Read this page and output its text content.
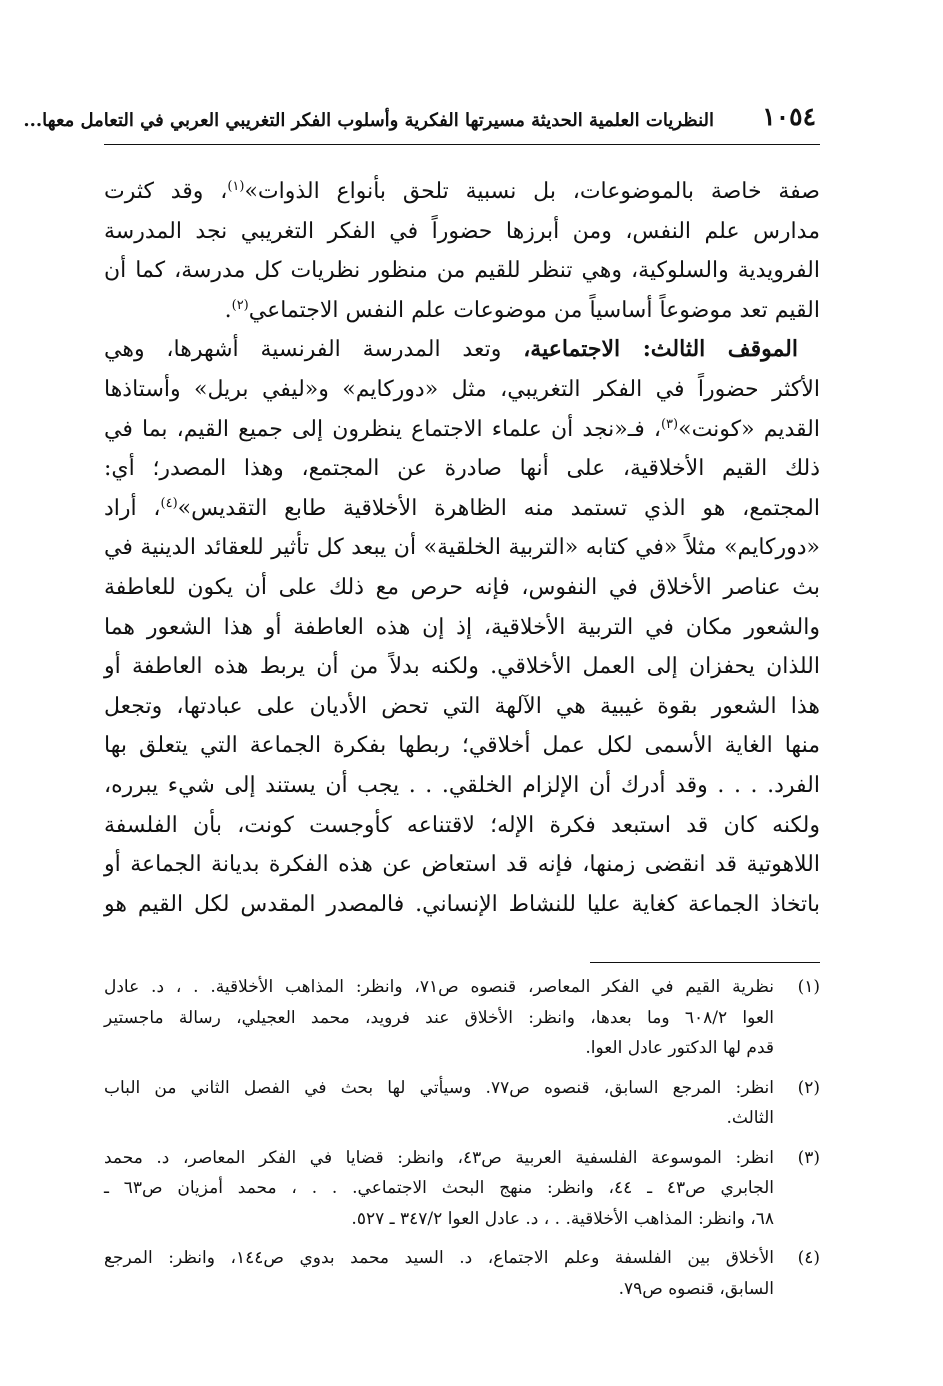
١٠٥٤
النظريات العلمية الحديثة مسيرتها الفكرية وأسلوب الفكر التغريبي العربي في التعامل معها...
صفة خاصة بالموضوعات، بل نسبية تلحق بأنواع الذوات»$^{(١)}$، وقد كثرت
مدارس علم النفس، ومن أبرزها حضوراً في الفكر التغريبي نجد المدرسة
الفرويدية والسلوكية، وهي تنظر للقيم من منظور نظريات كل مدرسة، كما أن
القيم تعد موضوعاً أساسياً من موضوعات علم النفس الاجتماعي$^{(٢)}$.
 الموقف الثالث: الاجتماعية، وتعد المدرسة الفرنسية أشهرها، وهي
الأكثر حضوراً في الفكر التغريبي، مثل «دوركايم» و«ليفي بريل» وأستاذها
القديم «كونت»$^{(٣)}$، فـ«نجد أن علماء الاجتماع ينظرون إلى جميع القيم، بما في
ذلك القيم الأخلاقية، على أنها صادرة عن المجتمع، وهذا المصدر؛ أي:
المجتمع، هو الذي تستمد منه الظاهرة الأخلاقية طابع التقديس»$^{(٤)}$، أراد
«دوركايم» مثلاً «في كتابه «التربية الخلقية» أن يبعد كل تأثير للعقائد الدينية في
بث عناصر الأخلاق في النفوس، فإنه حرص مع ذلك على أن يكون للعاطفة
والشعور مكان في التربية الأخلاقية، إذ إن هذه العاطفة أو هذا الشعور هما
اللذان يحفزان إلى العمل الأخلاقي. ولكنه بدلاً من أن يربط هذه العاطفة أو
هذا الشعور بقوة غيبية هي الآلهة التي تحض الأديان على عبادتها، وتجعل
منها الغاية الأسمى لكل عمل أخلاقي؛ ربطها بفكرة الجماعة التي يتعلق بها
الفرد. . . . وقد أدرك أن الإلزام الخلقي. . . يجب أن يستند إلى شيء يبرره،
ولكنه كان قد استبعد فكرة الإله؛ لاقتناعه كأوجست كونت، بأن الفلسفة
اللاهوتية قد انقضى زمنها، فإنه قد استعاض عن هذه الفكرة بديانة الجماعة أو
باتخاذ الجماعة كغاية عليا للنشاط الإنساني. فالمصدر المقدس لكل القيم هو
(١)
نظرية القيم في الفكر المعاصر، قنصوه ص٧١، وانظر: المذاهب الأخلاقية. . ، د. عادل
العوا ٦٠٨/٢ وما بعدها، وانظر: الأخلاق عند فرويد، محمد العجيلي، رسالة ماجستير
قدم لها الدكتور عادل العوا.
(٢)
انظر: المرجع السابق، قنصوه ص٧٧. وسيأتي لها بحث في الفصل الثاني من الباب
الثالث.
(٣)
انظر: الموسوعة الفلسفية العربية ص٤٣، وانظر: قضايا في الفكر المعاصر، د. محمد
الجابري ص٤٣ ـ ٤٤، وانظر: منهج البحث الاجتماعي. . . ، محمد أمزيان ص٦٣ ـ
٦٨، وانظر: المذاهب الأخلاقية. . ، د. عادل العوا ٣٤٧/٢ ـ ٥٢٧.
(٤)
الأخلاق بين الفلسفة وعلم الاجتماع، د. السيد محمد بدوي ص١٤٤، وانظر: المرجع
السابق، قنصوه ص٧٩.
